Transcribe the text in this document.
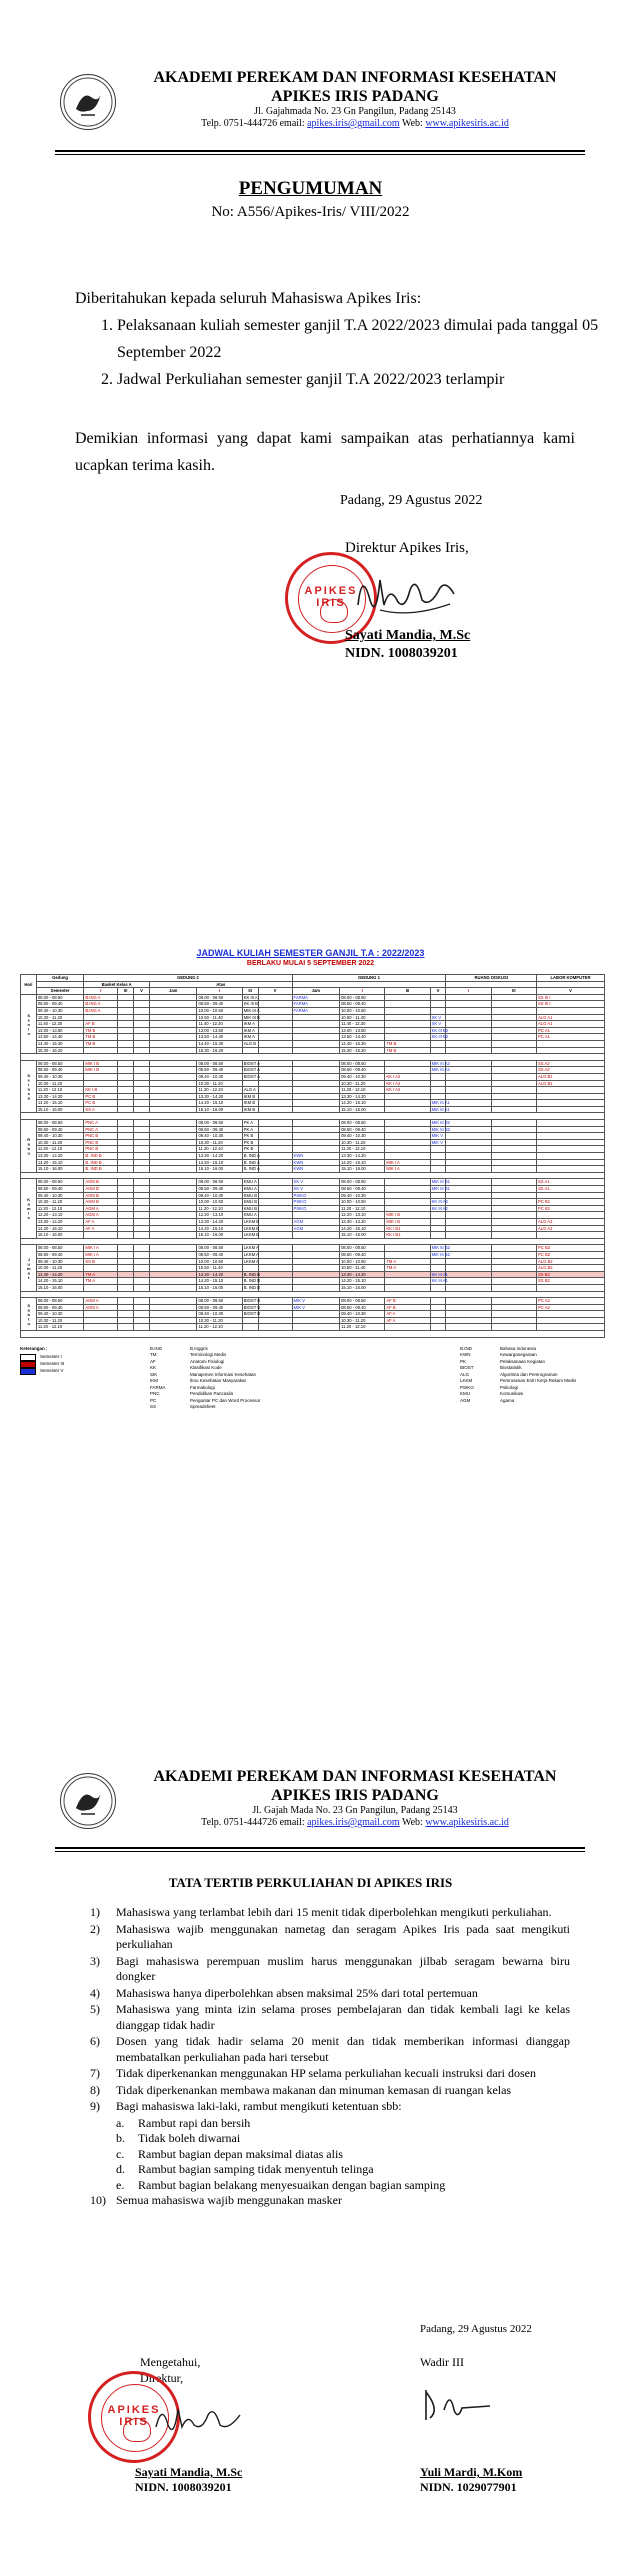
AKADEMI PEREKAM DAN INFORMASI KESEHATAN
APIKES IRIS PADANG
Jl. Gajahmada No. 23 Gn Pangilun, Padang 25143
Telp. 0751-444726 email: apikes.iris@gmail.com Web: www.apikesiris.ac.id
PENGUMUMAN
No: A556/Apikes-Iris/ VIII/2022
Diberitahukan kepada seluruh Mahasiswa Apikes Iris:
1. Pelaksanaan kuliah semester ganjil T.A 2022/2023 dimulai pada tanggal 05 September 2022
2. Jadwal Perkuliahan semester ganjil T.A 2022/2023 terlampir
Demikian informasi yang dapat kami sampaikan atas perhatiannya kami ucapkan terima kasih.
Padang, 29 Agustus 2022
Direktur Apikes Iris,
APIKES IRIS
Sayati Mandia, M.Sc
NIDN. 1008039201
JADWAL KULIAH SEMESTER GANJIL T.A : 2022/2023
BERLAKU MULAI 5 SEPTEMBER 2022
Hari	Gedung	GEDUNG 2							GEDUNG 1				RUANG DISKUSI		LABOR KOMPUTER
		Basket Kelas A			Atas										
	Semester	I	III	V	Jam	I	III	V	Jam	I	III	V	I	III	V
Senin	08.00 - 08.50	B.ING A				08.00 - 08.50	KK III A		FARMA	08.00 - 08.50					SS III I
	08.50 - 09.40	B.ING A				08.50 - 09.40	KK III B		FARMA	08.50 - 09.40					SS III I
	09.40 - 10.30	B.ING A				10.00 - 10.50	MIK III A		FARMA	10.00 - 10.50					
	10.30 - 11.20					10.50 - 11.40	MIK III B			10.50 - 11.40		XK V			ALG A1
	11.40 - 12.30	AF B				11.40 - 12.30	IKM A			11.40 - 12.30		XK V			ALG A1
	13.00 - 13.50	TM B				13.00 - 13.50	IKM A			13.00 - 13.50		KK III B2			PC A1
	13.50 - 14.40	TM B				13.50 - 14.40	IKM A			13.50 - 14.40		KK III B2			PC A1
	14.40 - 15.30	TM B				14.40 - 15.30	ALG B			14.40 - 15.30	TM B				
	15.30 - 16.20					15.30 - 16.20				15.30 - 16.20	TM B				

Selasa	08.00 - 08.50	MIK I B				08.00 - 08.50	BIOST A			08.00 - 08.50		MIK III A2			SS A2
	08.50 - 09.40	MIK I B				08.50 - 09.40	BIOST A			08.50 - 09.40		MIK III A2			SS A2
	09.40 - 10.30					09.40 - 10.30	BIOST A			09.40 - 10.30	KK I A2				ALG B1
	10.30 - 11.20					10.30 - 11.20				10.30 - 11.20	KK I A2				ALG B1
	11.20 - 12.10	KK I B				11.20 - 12.10	ALG A			11.20 - 12.10	KK I A2				
	13.30 - 14.20	PC B				13.30 - 14.20	IKM B			13.30 - 14.20					
	14.20 - 15.10	PC B				14.20 - 15.10	IKM B			14.20 - 15.10		MIK III A1			
	15.10 - 16.00	SS A				15.10 - 16.00	IKM B			15.10 - 16.00		MIK III A1			

Rabu	08.00 - 08.50	PNC A				08.00 - 08.50	PK A			08.00 - 08.50		MIK III B2			
	08.50 - 09.40	PNC A				08.50 - 09.40	PK A			08.50 - 09.40		MIK III B2			
	09.40 - 10.30	PNC B				09.40 - 10.30	PK B			09.40 - 10.30		MIK V			
	10.30 - 11.20	PNC B				10.30 - 11.20	PK B			10.30 - 11.20		MIK V			
	11.20 - 12.10	PNC B				11.20 - 12.10	PK B			11.20 - 12.10					
	13.30 - 14.20	B. IND B				13.30 - 14.20	B. IND A		KWN	13.30 - 14.20					
	14.20 - 15.10	B. IND B				14.20 - 15.10	B. IND A		KWN	14.20 - 15.10	MIK I A				
	15.10 - 16.00	B. IND B				15.10 - 16.00	B. IND A		KWN	15.10 - 16.00	MIK I A				

Kamis	08.00 - 08.50	AGM B				08.00 - 08.50	KMU A		XK V	08.00 - 08.50		MIK III B1			SS A1
	08.50 - 09.40	AGM B				08.50 - 09.40	KMU A		XK V	08.50 - 09.40		MIK III B1			SS A1
	09.40 - 10.30	AGM B				09.40 - 10.30	KMU B		PSIKO	09.40 - 10.30					
	10.30 - 11.20	AGM B				10.00 - 10.50	KMU B		PSIKO	10.00 - 10.50		KK III A2			PC B1
	11.20 - 12.10	AGM A				11.20 - 12.10	KMU B		PSIKO	11.20 - 12.10		KK III A2			PC B1
	12.20 - 13.10	AGM A				12.20 - 13.10	KMU A			12.20 - 13.10	MIK I B				
	13.30 - 14.20	AF A				13.30 - 14.20	LKKM B		AGM	13.30 - 14.20	MIK I B				ALG A2
	14.20 - 15.10	AF A				14.20 - 15.10	LKKM B		AGM	14.20 - 15.10	KK I B1				ALG A2
	15.10 - 16.00					15.10 - 16.00	LKKM B			15.10 - 16.00	KK I B1				

Jumat	08.00 - 08.50	MIK I A				08.00 - 08.50	LKKM A			08.00 - 08.50		MIK III B2			PC B2
	08.50 - 09.40	MIK I A				08.50 - 09.40	LKKM A			08.50 - 09.40		MIK III B2			PC B2
	09.40 - 10.30	SS B				10.00 - 10.50	LKKM A			10.00 - 10.50	TM A				ALG B2
	10.30 - 11.20					10.50 - 11.40				10.50 - 11.40	TM A				ALG B2
	13.30 - 14.20	TM A				13.30 - 14.20	B. IND B			13.30 - 14.20		KK III A1			SS B2
	14.20 - 15.10	TM A				14.20 - 15.10	B. IND B			14.20 - 15.10		KK III A1			SS B2
	15.10 - 16.00					15.10 - 16.00	B. IND B			15.10 - 16.00					

Sabtu	08.00 - 08.50	AGM A				08.00 - 08.50	BIOST B		MIK V	08.00 - 08.50	AF B				PC A2
	08.50 - 09.40	AGM A				08.50 - 09.40	BIOST B		MIK V	08.50 - 09.40	AF B				PC A2
	09.40 - 10.30					09.40 - 10.30	BIOST B			09.40 - 10.30	AF A				
	10.30 - 11.20					10.30 - 11.20				10.30 - 11.20	AF A				
	11.20 - 12.10					11.20 - 12.10				11.20 - 12.10					

Keterangan :
Semester I
Semester III
Semester V
B.ING	B.Inggris
TM	Terminologi Medis
AF	Anatomi Fisiologi
KK	Klasifikasi Kode
SIK	Manajemen Informasi Kesehatan
IKM	Ilmu Kesehatan Masyarakat
FARMA	Farmakologi
PNC	Pendidikan Pancasila
PC	Pengantar PC dan Word Processor
SS	Spreadsheet
B.IND	Bahasa Indonesia
KWN	Kewarganegaraan
PK	Pelaksanaan Kegiatan
BIOST	Biostatistik
ALG	Algoritma dan Pemrograman
LKKM	Pemrosesan Entri Kerja Rekam Medis
PSIKO	Psikologi
KMU	Komunikasi
AGM	Agama
AKADEMI PEREKAM DAN INFORMASI KESEHATAN
APIKES IRIS PADANG
Jl. Gajah Mada No. 23 Gn Pangilun, Padang 25143
Telp. 0751-444726 email: apikes.iris@gmail.com Web: www.apikesiris.ac.id
TATA TERTIB PERKULIAHAN DI APIKES IRIS
1)	Mahasiswa yang terlambat lebih dari 15 menit tidak diperbolehkan mengikuti perkuliahan.
2)	Mahasiswa wajib menggunakan nametag dan seragam Apikes Iris pada saat mengikuti perkuliahan
3)	Bagi mahasiswa perempuan muslim harus menggunakan jilbab seragam bewarna biru dongker
4)	Mahasiswa hanya diperbolehkan absen maksimal 25% dari total pertemuan
5)	Mahasiswa yang minta izin selama proses pembelajaran dan tidak kembali lagi ke kelas dianggap tidak hadir
6)	Dosen yang tidak hadir selama 20 menit dan tidak memberikan informasi dianggap membatalkan perkuliahan pada hari tersebut
7)	Tidak diperkenankan menggunakan HP selama perkuliahan kecuali instruksi dari dosen
8)	Tidak diperkenankan membawa makanan dan minuman kemasan di ruangan kelas
9)	Bagi mahasiswa laki-laki, rambut mengikuti ketentuan sbb:
a.	Rambut rapi dan bersih
b.	Tidak boleh diwarnai
c.	Rambut bagian depan maksimal diatas alis
d.	Rambut bagian samping tidak menyentuh telinga
e.	Rambut bagian belakang menyesuaikan dengan bagian samping
10) Semua mahasiswa wajib menggunakan masker
Padang, 29 Agustus 2022
Mengetahui,
Direktur,
Wadir III
APIKES IRIS
Sayati Mandia, M.Sc
NIDN. 1008039201
Yuli Mardi, M.Kom
NIDN. 1029077901
